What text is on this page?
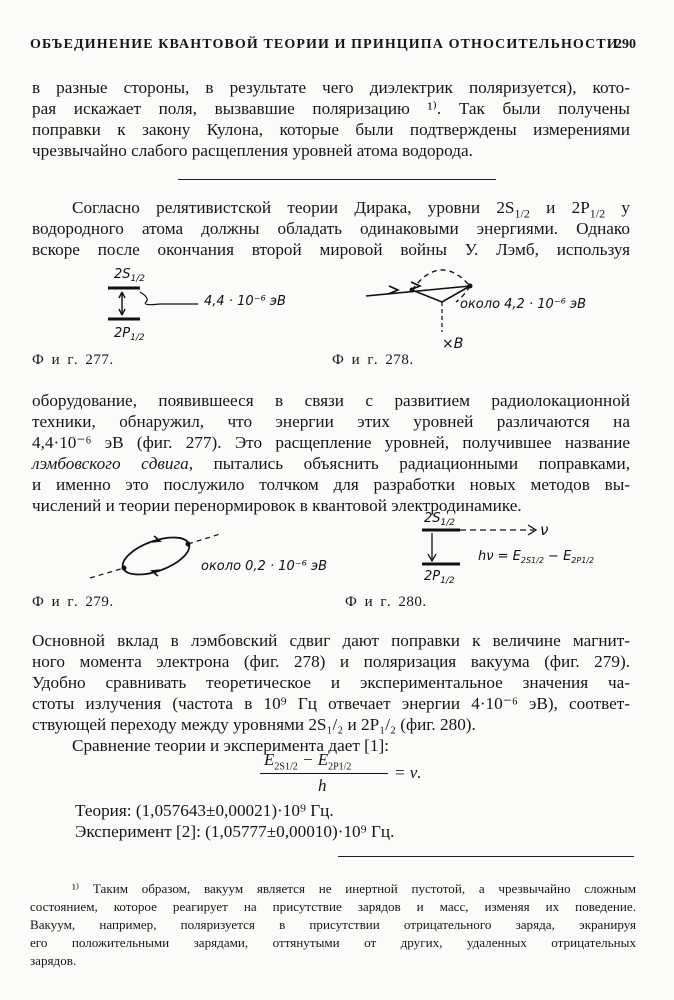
ОБЪЕДИНЕНИЕ КВАНТОВОЙ ТЕОРИИ И ПРИНЦИПА ОТНОСИТЕЛЬНОСТИ
290
в разные стороны, в результате чего диэлектрик поляризуется), кото-
рая искажает поля, вызвавшие поляризацию ¹⁾. Так были получены
поправки к закону Кулона, которые были подтверждены измерениями
чрезвычайно слабого расщепления уровней атома водорода.
Согласно релятивистской теории Дирака, уровни $2S_{1/2}$ и $2P_{1/2}$ у
водородного атома должны обладать одинаковыми энергиями. Однако
вскоре после окончания второй мировой войны У. Лэмб, используя
$2S_{1/2}$
4,4 · 10⁻⁶ эВ
$2P_{1/2}$	×B
около 4,2 · 10⁻⁶ эВ
Ф и г. 277.	Ф и г. 278.
оборудование, появившееся в связи с развитием радиолокационной
техники, обнаружил, что энергии этих уровней различаются на
4,4·10⁻⁶ эВ (фиг. 277). Это расщепление уровней, получившее название
лэмбовского сдвига, пытались объяснить радиационными поправками,
и именно это послужило толчком для разработки новых методов вы-
числений и теории перенормировок в квантовой электродинамике.
около 0,2 · 10⁻⁶ эВ
$2S_{1/2}$	ν
$2P_{1/2}$
$h\nu = E_{2S1/2} - E_{2P1/2}$
Ф и г. 279.	Ф и г. 280.
Основной вклад в лэмбовский сдвиг дают поправки к величине магнит-
ного момента электрона (фиг. 278) и поляризация вакуума (фиг. 279).
Удобно сравнивать теоретическое и экспериментальное значения ча-
стоты излучения (частота в 10⁹ Гц отвечает энергии 4·10⁻⁶ эВ), соответ-
ствующей переходу между уровнями 2S₁/₂ и 2P₁/₂ (фиг. 280).
Сравнение теории и эксперимента дает [1]:
$E_{2S1/2} - E_{2P1/2}$
h
= ν.
Теория: (1,057643±0,00021)·10⁹ Гц.
Эксперимент [2]: (1,05777±0,00010)·10⁹ Гц.
¹⁾ Таким образом, вакуум является не инертной пустотой, а чрезвычайно сложным
состоянием, которое реагирует на присутствие зарядов и масс, изменяя их поведение.
Вакуум, например, поляризуется в присутствии отрицательного заряда, экранируя
его положительными зарядами, оттянутыми от других, удаленных отрицательных
зарядов.
